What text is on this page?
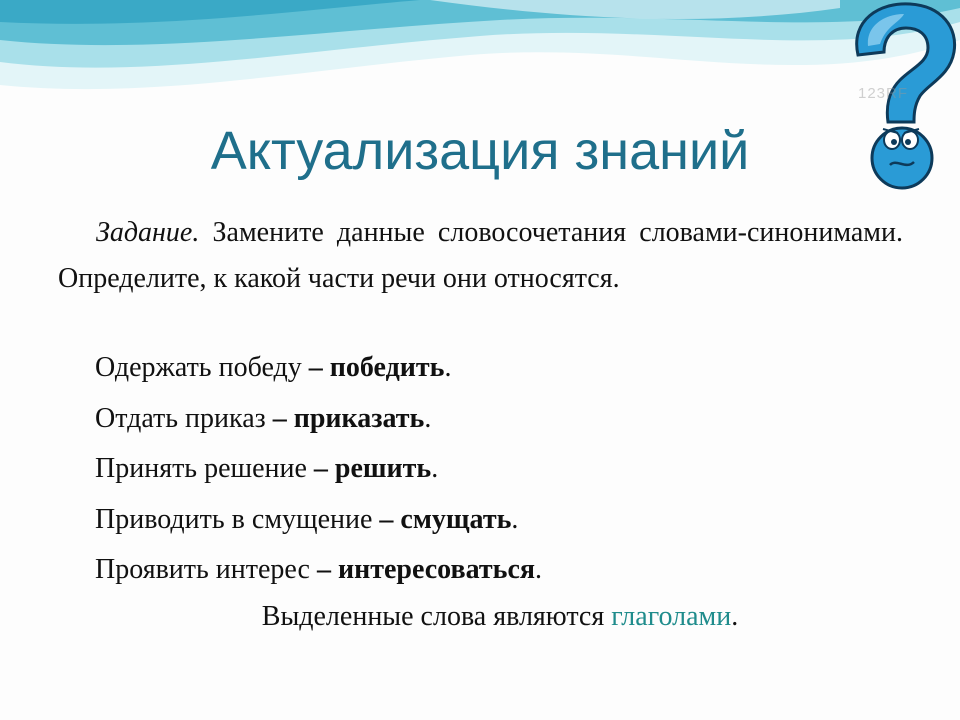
123RF
Актуализация знаний

Задание. Замените данные словосочетания словами-синонимами. Определите, к какой части речи они относятся.

Одержать победу – победить.
Отдать приказ – приказать.
Принять решение – решить.
Приводить в смущение – смущать.
Проявить интерес – интересоваться.

Выделенные слова являются глаголами.
